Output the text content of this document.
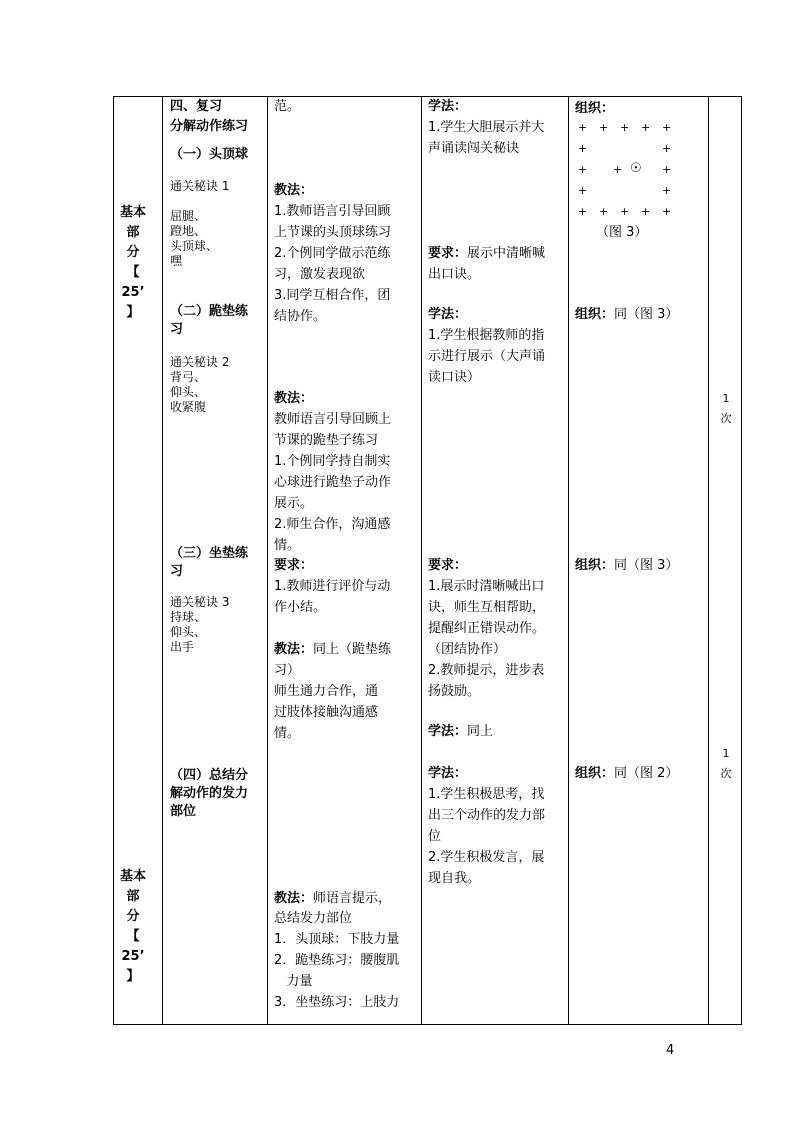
基本
部
分
【
25’
】
基本
部
分
【
25’
】
四、复习
分解动作练习
（一）头顶球
通关秘诀 1

屈腿、
蹬地、
头顶球、
嘿
（二）跪垫练
习
通关秘诀 2
背弓、
仰头、
收紧腹
（三）坐垫练
习
通关秘诀 3
持球、
仰头、
出手
（四）总结分
解动作的发力
部位
范。
教法：
1.教师语言引导回顾
上节课的头顶球练习
2.个例同学做示范练
习，激发表现欲
3.同学互相合作，团
结协作。
教法：
教师语言引导回顾上
节课的跪垫子练习
1.个例同学持自制实
心球进行跪垫子动作
展示。
2.师生合作，沟通感
情。
要求：
1.教师进行评价与动
作小结。
教法：同上（跪垫练
习）
师生通力合作，通
过肢体接触沟通感
情。
教法：师语言提示，
总结发力部位
1．头顶球：下肢力量
2．跪垫练习：腰腹肌
力量
3．坐垫练习：上肢力
学法：
1.学生大胆展示并大
声诵读闯关秘诀
要求：展示中清晰喊
出口诀。
学法：
1.学生根据教师的指
示进行展示（大声诵
读口诀）
要求：
1.展示时清晰喊出口
诀，师生互相帮助，
提醒纠正错误动作。
（团结协作）
2.教师提示，进步表
扬鼓励。
学法：同上
学法：
1.学生积极思考，找
出三个动作的发力部
位
2.学生积极发言，展
现自我。
组织：
+ + + + +
+	+
+ + ☉ +
+	+
+ + + + +
（图 3）
组织：同（图 3）
组织：同（图 3）
组织：同（图 2）
1
次
1
次
4
